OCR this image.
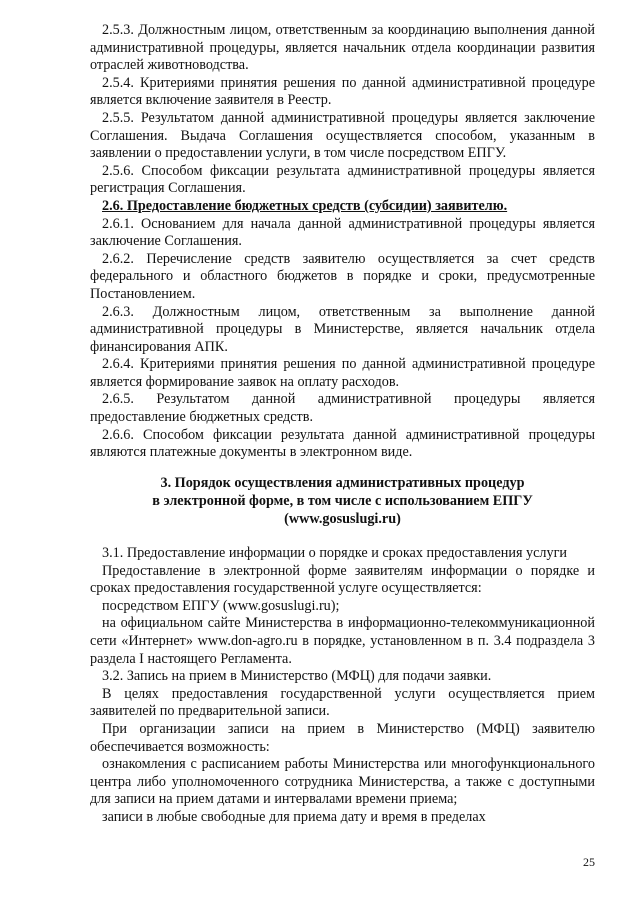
2.5.3. Должностным лицом, ответственным за координацию выполнения данной административной процедуры, является начальник отдела координации развития отраслей животноводства.

2.5.4. Критериями принятия решения по данной административной процедуре является включение заявителя в Реестр.

2.5.5. Результатом данной административной процедуры является заключение Соглашения. Выдача Соглашения осуществляется способом, указанным в заявлении о предоставлении услуги, в том числе посредством ЕПГУ.

2.5.6. Способом фиксации результата административной процедуры является регистрация Соглашения.

2.6. Предоставление бюджетных средств (субсидии) заявителю.

2.6.1. Основанием для начала данной административной процедуры является заключение Соглашения.

2.6.2. Перечисление средств заявителю осуществляется за счет средств федерального и областного бюджетов в порядке и сроки, предусмотренные Постановлением.

2.6.3. Должностным лицом, ответственным за выполнение данной административной процедуры в Министерстве, является начальник отдела финансирования АПК.

2.6.4. Критериями принятия решения по данной административной процедуре является формирование заявок на оплату расходов.

2.6.5. Результатом данной административной процедуры является предоставление бюджетных средств.

2.6.6. Способом фиксации результата данной административной процедуры являются платежные документы в электронном виде.

3. Порядок осуществления административных процедур

в электронной форме, в том числе с использованием ЕПГУ

(www.gosuslugi.ru)

3.1. Предоставление информации о порядке и сроках предоставления услуги

Предоставление в электронной форме заявителям информации о порядке и сроках предоставления государственной услуге осуществляется:

посредством ЕПГУ (www.gosuslugi.ru);

на официальном сайте Министерства в информационно-телекоммуникационной сети «Интернет» www.don-agro.ru в порядке, установленном в п. 3.4 подраздела 3 раздела I настоящего Регламента.

3.2. Запись на прием в Министерство (МФЦ) для подачи заявки.

В целях предоставления государственной услуги осуществляется прием заявителей по предварительной записи.

При организации записи на прием в Министерство (МФЦ) заявителю обеспечивается возможность:

ознакомления с расписанием работы Министерства или многофункционального центра либо уполномоченного сотрудника Министерства, а также с доступными для записи на прием датами и интервалами времени приема;

записи в любые свободные для приема дату и время в пределах

25
